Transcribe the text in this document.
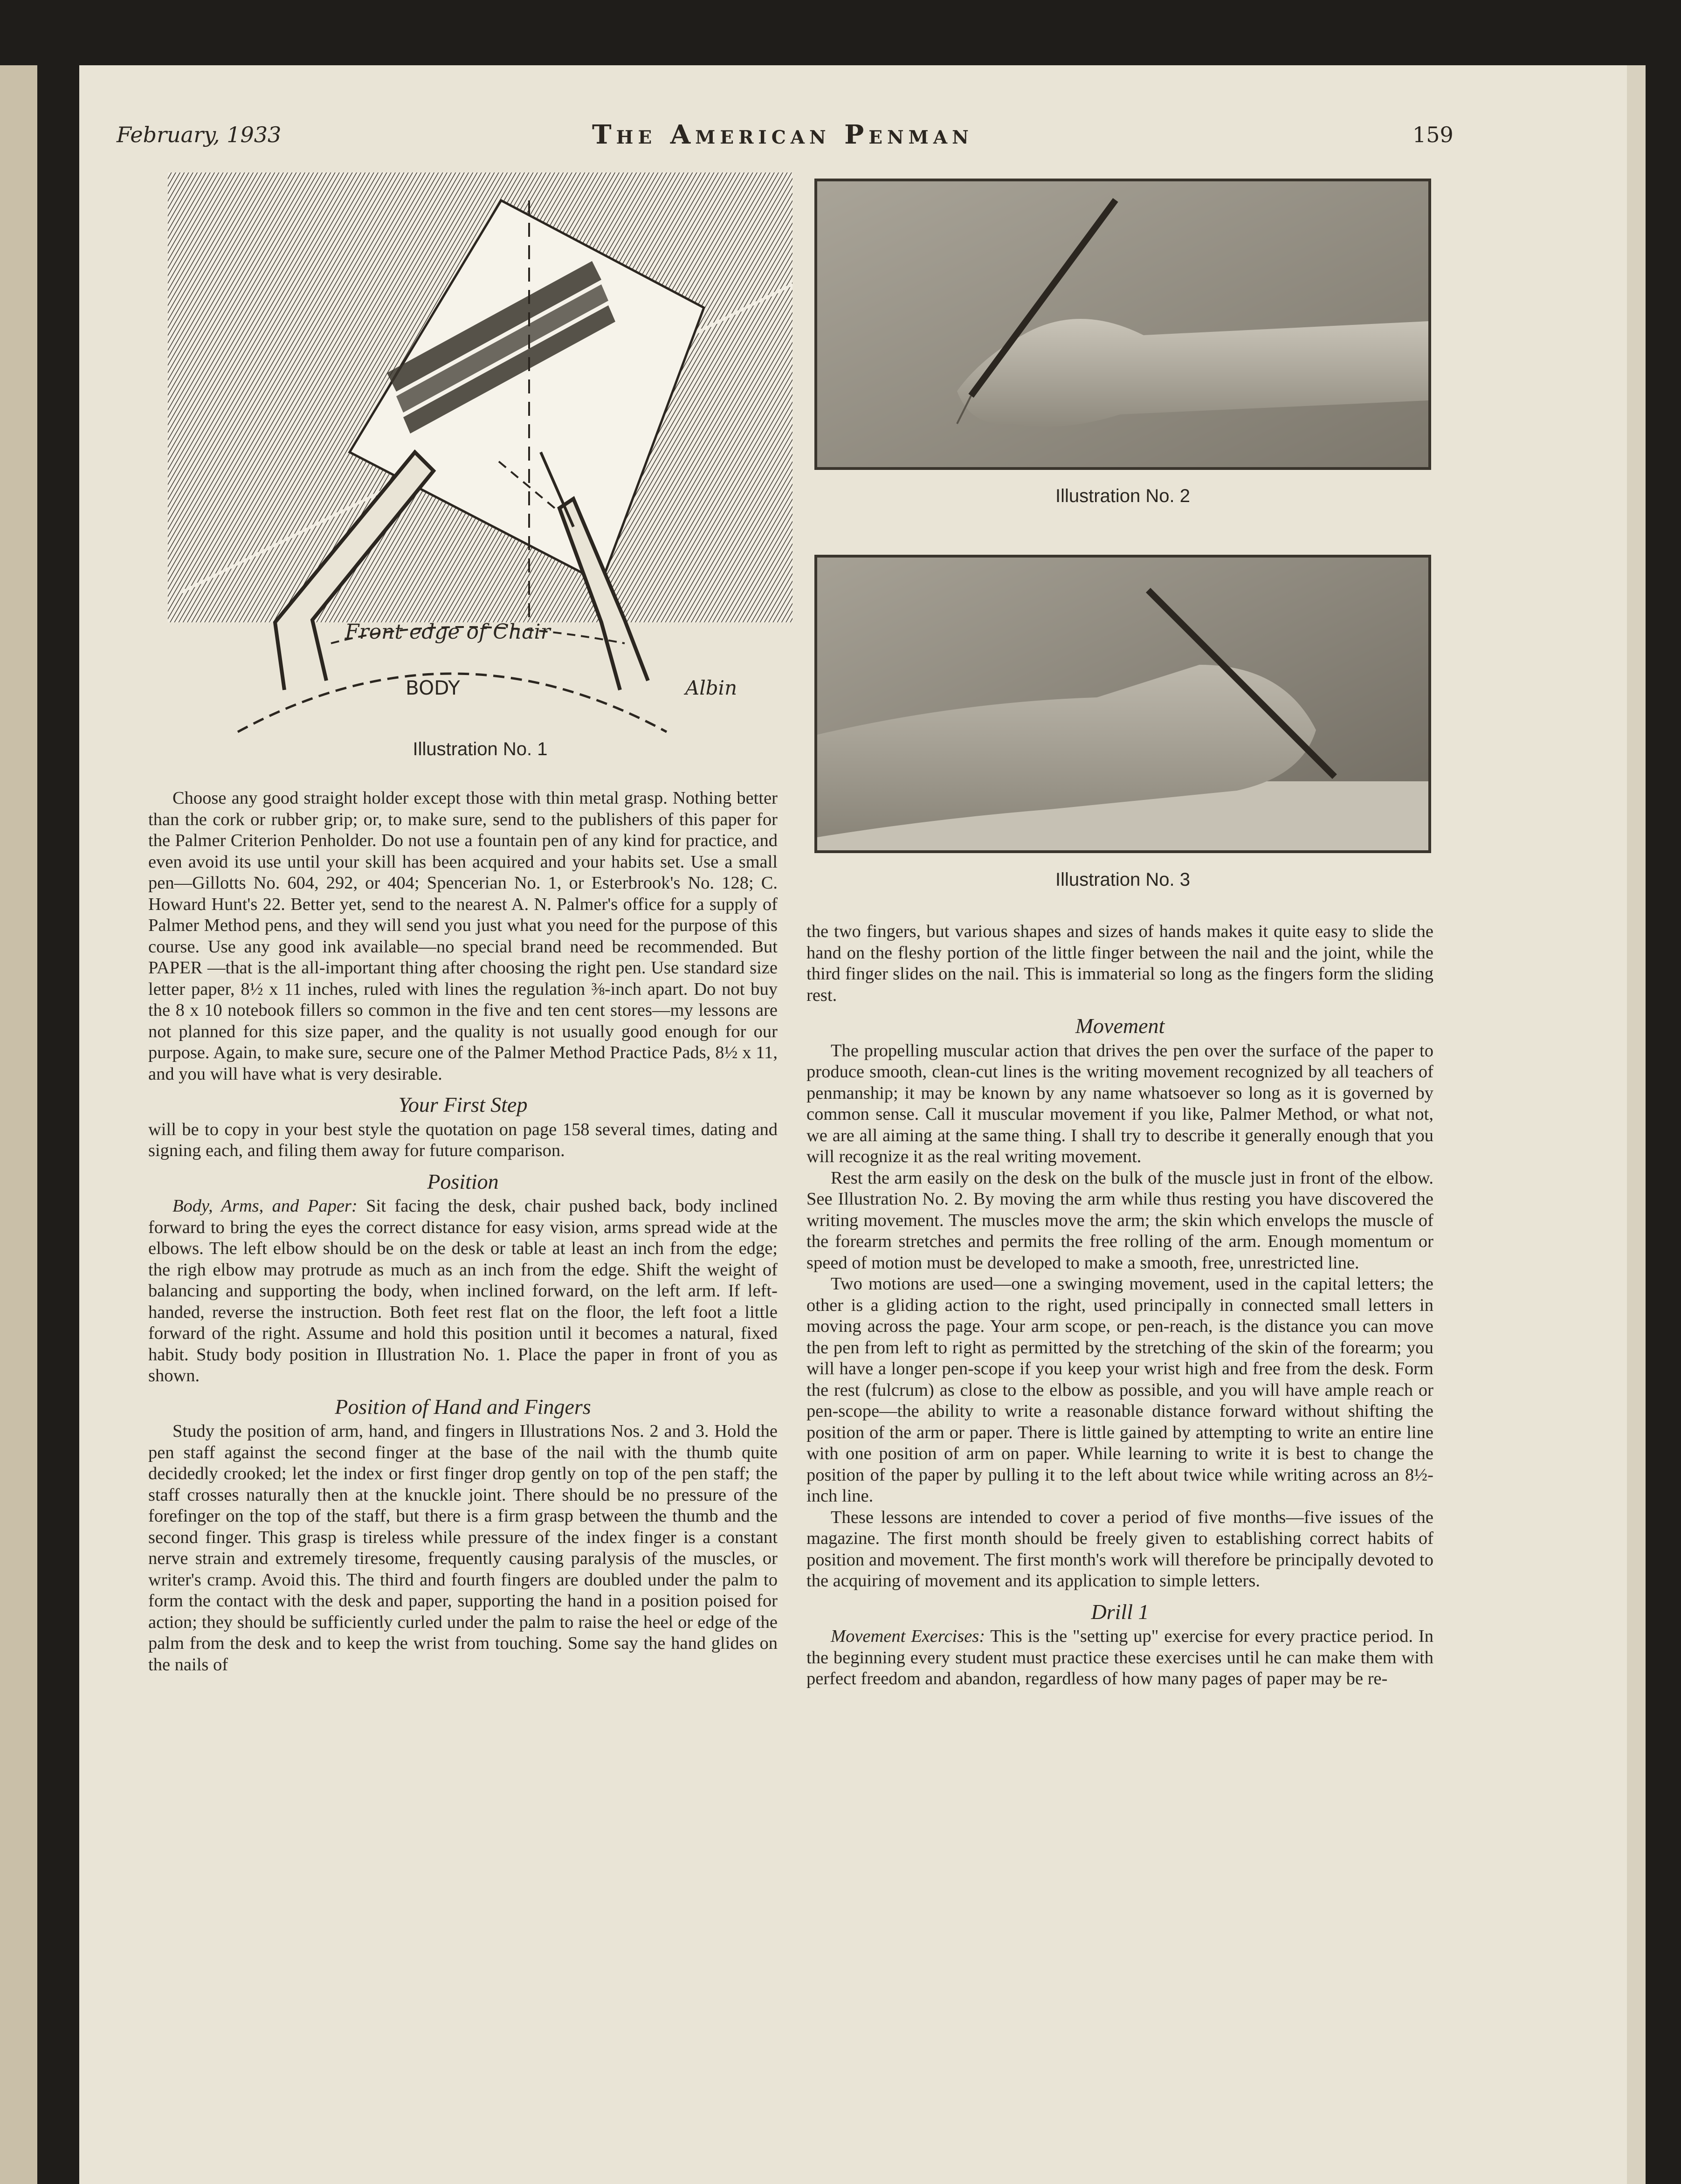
February, 1933	The American Penman	159
Front edge of Chair
BODY	Albin
Illustration No. 1
Illustration No. 2
Illustration No. 3

Choose any good straight holder except those with thin metal grasp. Nothing better than the cork or rubber grip; or, to make sure, send to the publishers of this paper for the Palmer Criterion Penholder. Do not use a fountain pen of any kind for practice, and even avoid its use until your skill has been acquired and your habits set. Use a small pen—Gillotts No. 604, 292, or 404; Spencerian No. 1, or Esterbrook's No. 128; C. Howard Hunt's 22. Better yet, send to the nearest A. N. Palmer's office for a supply of Palmer Method pens, and they will send you just what you need for the purpose of this course. Use any good ink available—no special brand need be recommended. But PAPER —that is the all-important thing after choosing the right pen. Use standard size letter paper, 8½ x 11 inches, ruled with lines the regulation ⅜-inch apart. Do not buy the 8 x 10 notebook fillers so common in the five and ten cent stores—my lessons are not planned for this size paper, and the quality is not usually good enough for our purpose. Again, to make sure, secure one of the Palmer Method Practice Pads, 8½ x 11, and you will have what is very desirable.

Your First Step

will be to copy in your best style the quotation on page 158 several times, dating and signing each, and filing them away for future comparison.

Position

Body, Arms, and Paper: Sit facing the desk, chair pushed back, body inclined forward to bring the eyes the correct distance for easy vision, arms spread wide at the elbows. The left elbow should be on the desk or table at least an inch from the edge; the righ elbow may protrude as much as an inch from the edge. Shift the weight of balancing and supporting the body, when inclined forward, on the left arm. If left-handed, reverse the instruction. Both feet rest flat on the floor, the left foot a little forward of the right. Assume and hold this position until it becomes a natural, fixed habit. Study body position in Illustration No. 1. Place the paper in front of you as shown.

Position of Hand and Fingers

Study the position of arm, hand, and fingers in Illustrations Nos. 2 and 3. Hold the pen staff against the second finger at the base of the nail with the thumb quite decidedly crooked; let the index or first finger drop gently on top of the pen staff; the staff crosses naturally then at the knuckle joint. There should be no pressure of the forefinger on the top of the staff, but there is a firm grasp between the thumb and the second finger. This grasp is tireless while pressure of the index finger is a constant nerve strain and extremely tiresome, frequently causing paralysis of the muscles, or writer's cramp. Avoid this. The third and fourth fingers are doubled under the palm to form the contact with the desk and paper, supporting the hand in a position poised for action; they should be sufficiently curled under the palm to raise the heel or edge of the palm from the desk and to keep the wrist from touching. Some say the hand glides on the nails of

the two fingers, but various shapes and sizes of hands makes it quite easy to slide the hand on the fleshy portion of the little finger between the nail and the joint, while the third finger slides on the nail. This is immaterial so long as the fingers form the sliding rest.

Movement

The propelling muscular action that drives the pen over the surface of the paper to produce smooth, clean-cut lines is the writing movement recognized by all teachers of penmanship; it may be known by any name whatsoever so long as it is governed by common sense. Call it muscular movement if you like, Palmer Method, or what not, we are all aiming at the same thing. I shall try to describe it generally enough that you will recognize it as the real writing movement.

Rest the arm easily on the desk on the bulk of the muscle just in front of the elbow. See Illustration No. 2. By moving the arm while thus resting you have discovered the writing movement. The muscles move the arm; the skin which envelops the muscle of the forearm stretches and permits the free rolling of the arm. Enough momentum or speed of motion must be developed to make a smooth, free, unrestricted line.

Two motions are used—one a swinging movement, used in the capital letters; the other is a gliding action to the right, used principally in connected small letters in moving across the page. Your arm scope, or pen-reach, is the distance you can move the pen from left to right as permitted by the stretching of the skin of the forearm; you will have a longer pen-scope if you keep your wrist high and free from the desk. Form the rest (fulcrum) as close to the elbow as possible, and you will have ample reach or pen-scope—the ability to write a reasonable distance forward without shifting the position of the arm or paper. There is little gained by attempting to write an entire line with one position of arm on paper. While learning to write it is best to change the position of the paper by pulling it to the left about twice while writing across an 8½-inch line.

These lessons are intended to cover a period of five months—five issues of the magazine. The first month should be freely given to establishing correct habits of position and movement. The first month's work will therefore be principally devoted to the acquiring of movement and its application to simple letters.

Drill 1

Movement Exercises: This is the "setting up" exercise for every practice period. In the beginning every student must practice these exercises until he can make them with perfect freedom and abandon, regardless of how many pages of paper may be re-
